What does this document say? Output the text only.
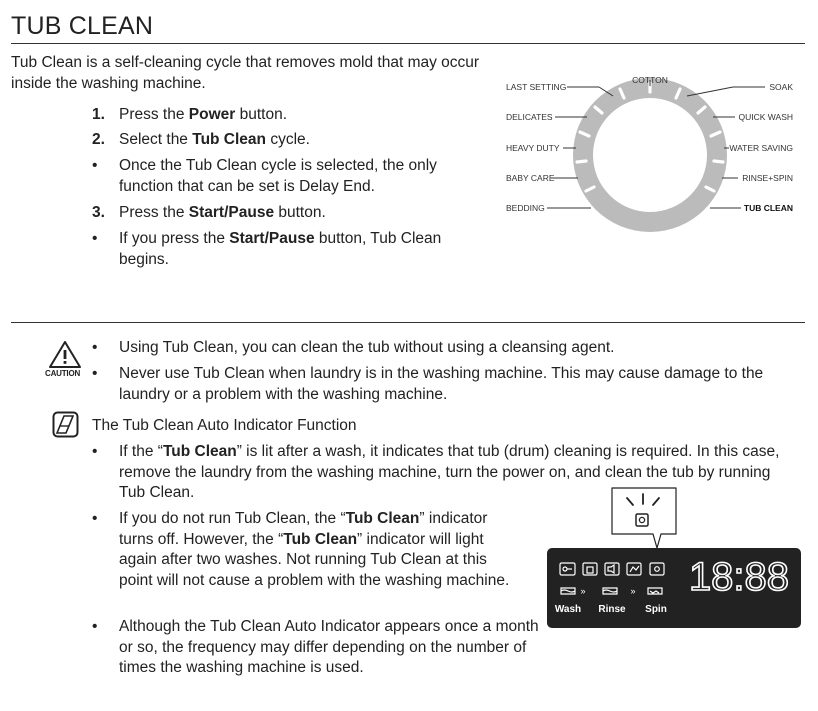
TUB CLEAN
Tub Clean is a self-cleaning cycle that removes mold that may occur inside the washing machine.
1. Press the Power button.
2. Select the Tub Clean cycle.
•	Once the Tub Clean cycle is selected, the only function that can be set is Delay End.
3. Press the Start/Pause button.
•	If you press the Start/Pause button, Tub Clean begins.
COTTON
LAST SETTING
DELICATES
HEAVY DUTY
BABY CARE
BEDDING
SOAK
QUICK WASH
WATER SAVING
RINSE+SPIN
TUB CLEAN
CAUTION
• Using Tub Clean, you can clean the tub without using a cleansing agent.
• Never use Tub Clean when laundry is in the washing machine. This may cause damage to the laundry or a problem with the washing machine.
The Tub Clean Auto Indicator Function
• If the “Tub Clean” is lit after a wash, it indicates that tub (drum) cleaning is required. In this case, remove the laundry from the washing machine, turn the power on, and clean the tub by running Tub Clean.
• If you do not run Tub Clean, the “Tub Clean” indicator turns off. However, the “Tub Clean” indicator will light again after two washes. Not running Tub Clean at this point will not cause a problem with the washing machine.
• Although the Tub Clean Auto Indicator appears once a month or so, the frequency may differ depending on the number of times the washing machine is used.
»	»
Wash Rinse Spin
18:88
